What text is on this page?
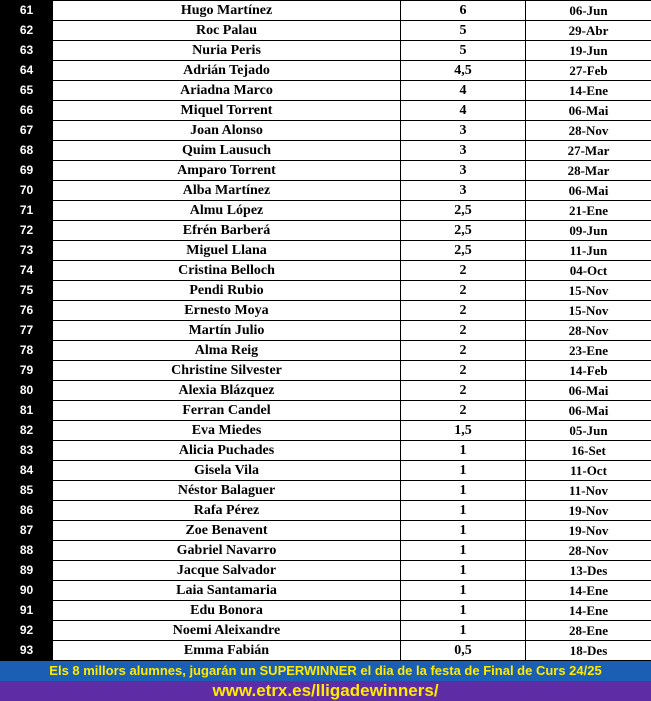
61	Hugo Martínez	6	06-Jun
62	Roc Palau	5	29-Abr
63	Nuria Peris	5	19-Jun
64	Adrián Tejado	4,5	27-Feb
65	Ariadna Marco	4	14-Ene
66	Miquel Torrent	4	06-Mai
67	Joan Alonso	3	28-Nov
68	Quim Lausuch	3	27-Mar
69	Amparo Torrent	3	28-Mar
70	Alba Martínez	3	06-Mai
71	Almu López	2,5	21-Ene
72	Efrén Barberá	2,5	09-Jun
73	Miguel Llana	2,5	11-Jun
74	Cristina Belloch	2	04-Oct
75	Pendi Rubio	2	15-Nov
76	Ernesto Moya	2	15-Nov
77	Martín Julio	2	28-Nov
78	Alma Reig	2	23-Ene
79	Christine Silvester	2	14-Feb
80	Alexia Blázquez	2	06-Mai
81	Ferran Candel	2	06-Mai
82	Eva Miedes	1,5	05-Jun
83	Alicia Puchades	1	16-Set
84	Gisela Vila	1	11-Oct
85	Néstor Balaguer	1	11-Nov
86	Rafa Pérez	1	19-Nov
87	Zoe Benavent	1	19-Nov
88	Gabriel Navarro	1	28-Nov
89	Jacque Salvador	1	13-Des
90	Laia Santamaria	1	14-Ene
91	Edu Bonora	1	14-Ene
92	Noemi Aleixandre	1	28-Ene
93	Emma Fabián	0,5	18-Des
Els 8 millors alumnes, jugarán un SUPERWINNER el dia de la festa de Final de Curs 24/25
www.etrx.es/lligadewinners/
